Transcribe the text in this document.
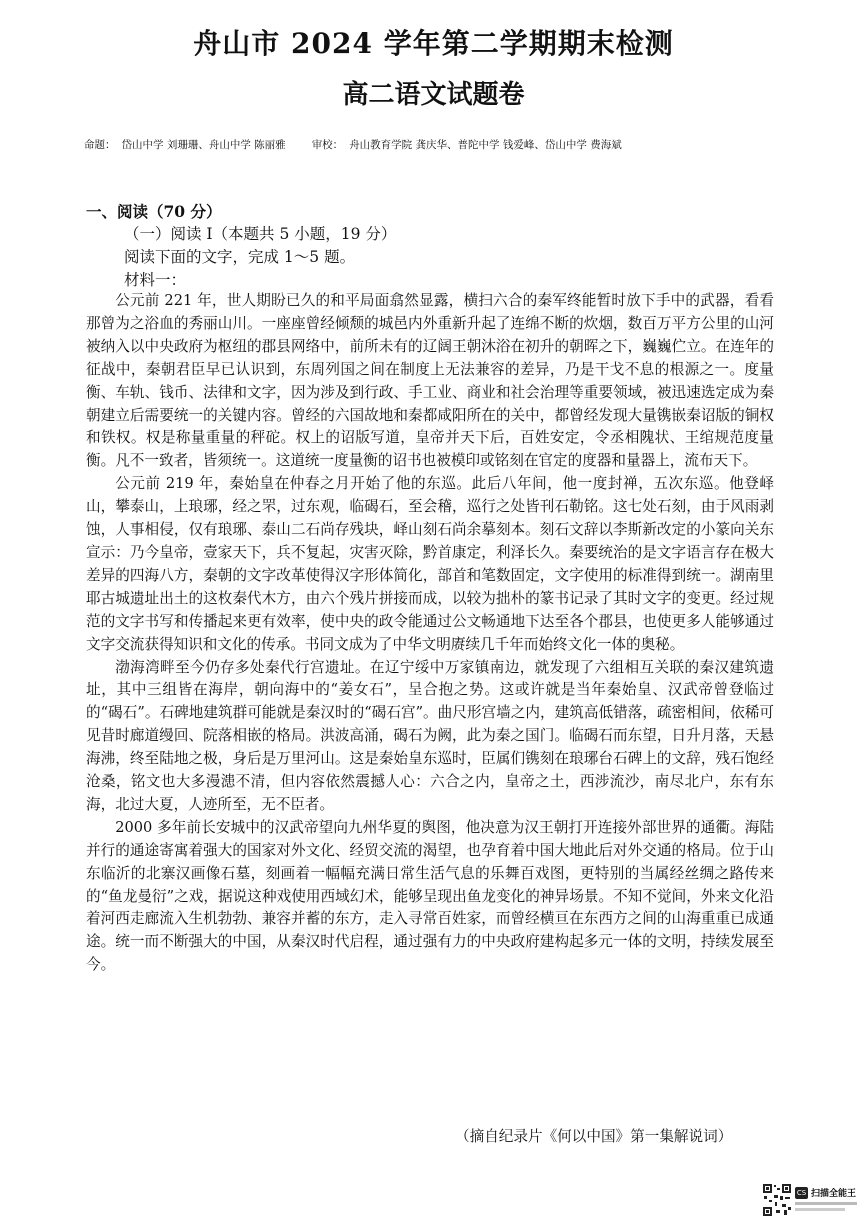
舟山市 2024 学年第二学期期末检测
高二语文试题卷
命题： 岱山中学 刘珊珊、舟山中学 陈丽雅 审校： 舟山教育学院 龚庆华、普陀中学 钱爱峰、岱山中学 费海斌
一、阅读（70 分）
（一）阅读 I（本题共 5 小题，19 分）
阅读下面的文字，完成 1～5 题。
材料一：

公元前 221 年，世人期盼已久的和平局面翕然显露，横扫六合的秦军终能暂时放下手中的武器，看看那曾为之浴血的秀丽山川。一座座曾经倾颓的城邑内外重新升起了连绵不断的炊烟，数百万平方公里的山河被纳入以中央政府为枢纽的郡县网络中，前所未有的辽阔王朝沐浴在初升的朝晖之下，巍巍伫立。在连年的征战中，秦朝君臣早已认识到，东周列国之间在制度上无法兼容的差异，乃是干戈不息的根源之一。度量衡、车轨、钱币、法律和文字，因为涉及到行政、手工业、商业和社会治理等重要领域，被迅速选定成为秦朝建立后需要统一的关键内容。曾经的六国故地和秦都咸阳所在的关中，都曾经发现大量镌嵌秦诏版的铜权和铁权。权是称量重量的秤砣。权上的诏版写道，皇帝并天下后，百姓安定，令丞相隗状、王绾规范度量衡。凡不一致者，皆须统一。这道统一度量衡的诏书也被模印或铭刻在官定的度器和量器上，流布天下。

公元前 219 年，秦始皇在仲春之月开始了他的东巡。此后八年间，他一度封禅，五次东巡。他登峄山，攀泰山，上琅琊，经之罘，过东观，临碣石，至会稽，巡行之处皆刊石勒铭。这七处石刻，由于风雨剥蚀，人事相侵，仅有琅琊、泰山二石尚存残块，峄山刻石尚余摹刻本。刻石文辞以李斯新改定的小篆向关东宣示：乃今皇帝，壹家天下，兵不复起，灾害灭除，黔首康定，利泽长久。秦要统治的是文字语言存在极大差异的四海八方，秦朝的文字改革使得汉字形体简化，部首和笔数固定，文字使用的标准得到统一。湖南里耶古城遗址出土的这枚秦代木方，由六个残片拼接而成，以较为拙朴的篆书记录了其时文字的变更。经过规范的文字书写和传播起来更有效率，使中央的政令能通过公文畅通地下达至各个郡县，也使更多人能够通过文字交流获得知识和文化的传承。书同文成为了中华文明赓续几千年而始终文化一体的奥秘。

渤海湾畔至今仍存多处秦代行宫遗址。在辽宁绥中万家镇南边，就发现了六组相互关联的秦汉建筑遗址，其中三组皆在海岸，朝向海中的“姜女石”，呈合抱之势。这或许就是当年秦始皇、汉武帝曾登临过的“碣石”。石碑地建筑群可能就是秦汉时的“碣石宫”。曲尺形宫墙之内，建筑高低错落，疏密相间，依稀可见昔时廊道缦回、院落相嵌的格局。洪波高涌，碣石为阙，此为秦之国门。临碣石而东望，日升月落，天悬海沸，终至陆地之极，身后是万里河山。这是秦始皇东巡时，臣属们镌刻在琅琊台石碑上的文辞，残石饱经沧桑，铭文也大多漫漶不清，但内容依然震撼人心：六合之内，皇帝之土，西涉流沙，南尽北户，东有东海，北过大夏，人迹所至，无不臣者。

2000 多年前长安城中的汉武帝望向九州华夏的舆图，他决意为汉王朝打开连接外部世界的通衢。海陆并行的通途寄寓着强大的国家对外文化、经贸交流的渴望，也孕育着中国大地此后对外交通的格局。位于山东临沂的北寨汉画像石墓，刻画着一幅幅充满日常生活气息的乐舞百戏图，更特别的当属经丝绸之路传来的“鱼龙曼衍”之戏，据说这种戏使用西域幻术，能够呈现出鱼龙变化的神异场景。不知不觉间，外来文化沿着河西走廊流入生机勃勃、兼容并蓄的东方，走入寻常百姓家，而曾经横亘在东西方之间的山海重重已成通途。统一而不断强大的中国，从秦汉时代启程，通过强有力的中央政府建构起多元一体的文明，持续发展至今。

（摘自纪录片《何以中国》第一集解说词）
CS 扫描全能王
